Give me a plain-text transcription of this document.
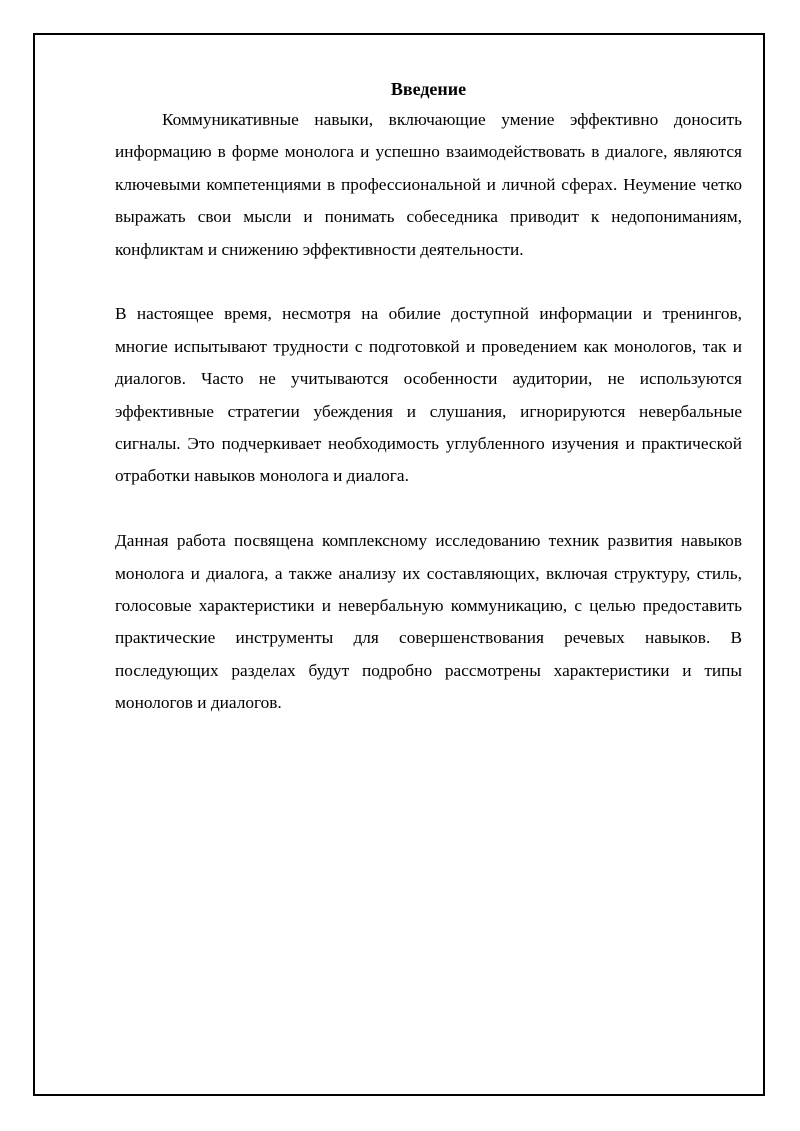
Введение

Коммуникативные навыки, включающие умение эффективно доносить информацию в форме монолога и успешно взаимодействовать в диалоге, являются ключевыми компетенциями в профессиональной и личной сферах. Неумение четко выражать свои мысли и понимать собеседника приводит к недопониманиям, конфликтам и снижению эффективности деятельности.

В настоящее время, несмотря на обилие доступной информации и тренингов, многие испытывают трудности с подготовкой и проведением как монологов, так и диалогов. Часто не учитываются особенности аудитории, не используются эффективные стратегии убеждения и слушания, игнорируются невербальные сигналы. Это подчеркивает необходимость углубленного изучения и практической отработки навыков монолога и диалога.

Данная работа посвящена комплексному исследованию техник развития навыков монолога и диалога, а также анализу их составляющих, включая структуру, стиль, голосовые характеристики и невербальную коммуникацию, с целью предоставить практические инструменты для совершенствования речевых навыков. В последующих разделах будут подробно рассмотрены характеристики и типы монологов и диалогов.
